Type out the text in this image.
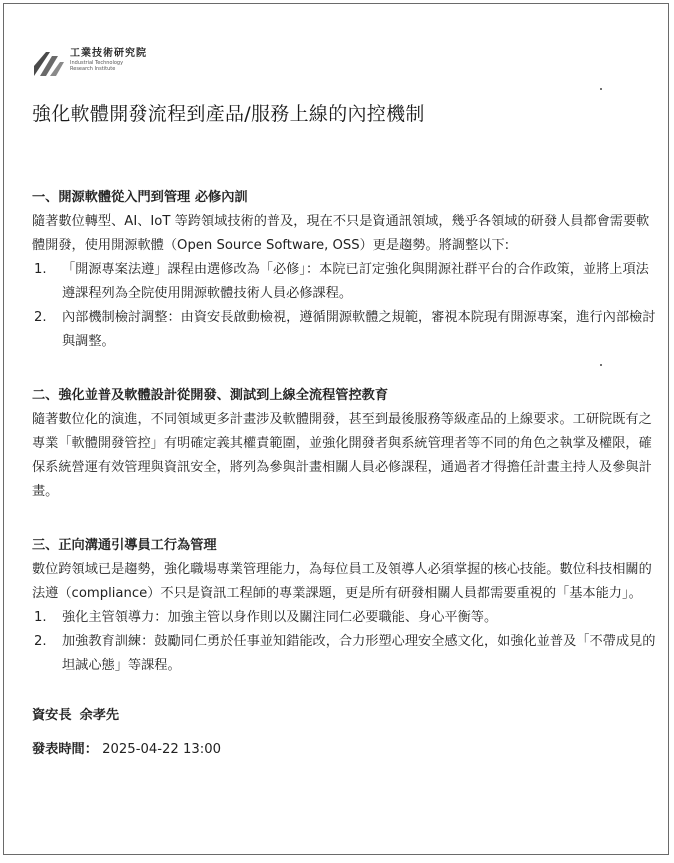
工業技術研究院
Industrial Technology
Research Institute
強化軟體開發流程到產品/服務上線的內控機制

一、開源軟體從入門到管理 必修內訓

隨著數位轉型、AI、IoT 等跨領域技術的普及，現在不只是資通訊領域，幾乎各領域的研發人員都會需要軟體開發，使用開源軟體（Open Source Software, OSS）更是趨勢。將調整以下:

1. 「開源專案法遵」課程由選修改為「必修」：本院已訂定強化與開源社群平台的合作政策，並將上項法遵課程列為全院使用開源軟體技術人員必修課程。
2. 內部機制檢討調整：由資安長啟動檢視，遵循開源軟體之規範，審視本院現有開源專案，進行內部檢討與調整。

二、強化並普及軟體設計從開發、測試到上線全流程管控教育

隨著數位化的演進，不同領域更多計畫涉及軟體開發，甚至到最後服務等級產品的上線要求。工研院既有之專業「軟體開發管控」有明確定義其權責範圍，並強化開發者與系統管理者等不同的角色之執掌及權限，確保系統營運有效管理與資訊安全，將列為參與計畫相關人員必修課程，通過者才得擔任計畫主持人及參與計畫。

三、正向溝通引導員工行為管理

數位跨領域已是趨勢，強化職場專業管理能力，為每位員工及領導人必須掌握的核心技能。數位科技相關的法遵（compliance）不只是資訊工程師的專業課題，更是所有研發相關人員都需要重視的「基本能力」。

1. 強化主管領導力：加強主管以身作則以及關注同仁必要職能、身心平衡等。
2. 加強教育訓練：鼓勵同仁勇於任事並知錯能改，合力形塑心理安全感文化，如強化並普及「不帶成見的坦誠心態」等課程。

資安長 余孝先

發表時間： 2025-04-22 13:00
